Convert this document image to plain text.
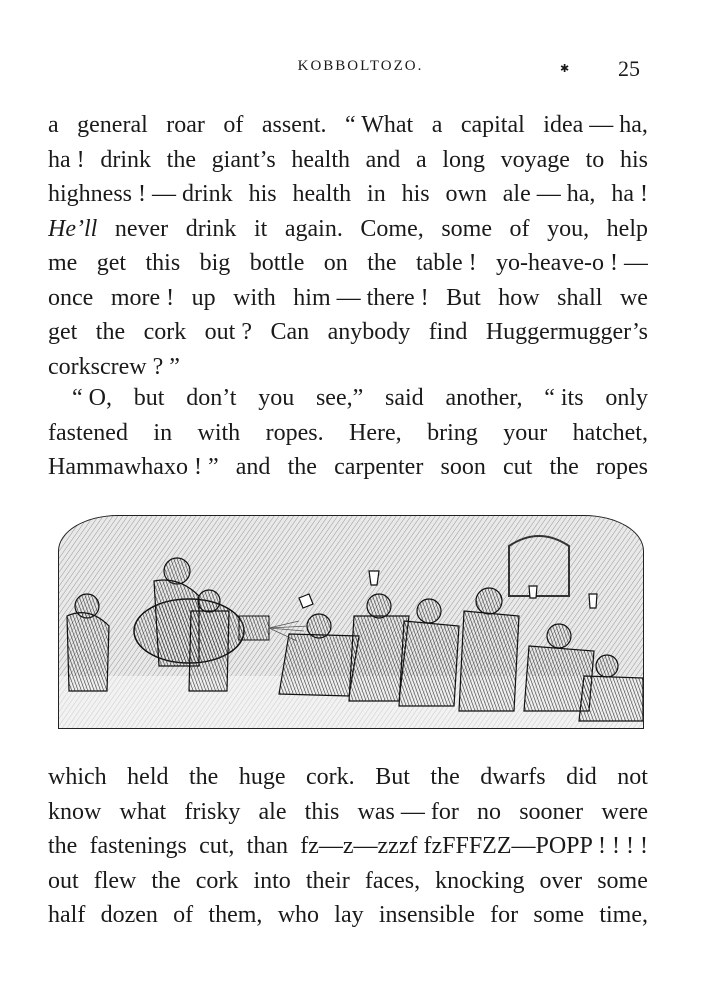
KOBBOLTOZO.	✱ 25
a general roar of assent. “ What a capital idea — ha,
ha ! drink the giant’s health and a long voyage to his
highness ! — drink his health in his own ale — ha, ha !
He’ll never drink it again. Come, some of you, help
me get this big bottle on the table ! yo-heave-o ! —
once more ! up with him — there ! But how shall we
get the cork out ? Can anybody find Huggermugger’s
corkscrew ? ”
“ O, but don’t you see,” said another, “ its only
fastened in with ropes. Here, bring your hatchet,
Hammawhaxo ! ” and the carpenter soon cut the ropes
which held the huge cork. But the dwarfs did not
know what frisky ale this was — for no sooner were
the fastenings cut, than fz—z—zzzf fzFFFZZ—POPP ! ! ! !
out flew the cork into their faces, knocking over some
half dozen of them, who lay insensible for some time,
